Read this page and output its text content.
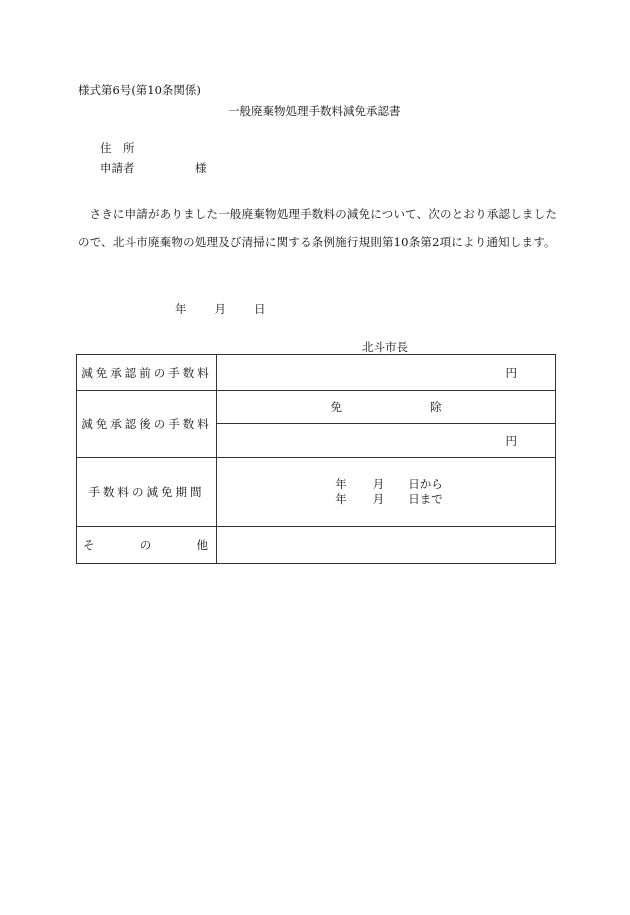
様式第6号(第10条関係)
一般廃棄物処理手数料減免承認書
住　所
申請者	様
さきに申請がありました一般廃棄物処理手数料の減免について、次のとおり承認しましたので、北斗市廃棄物の処理及び清掃に関する条例施行規則第10条第2項により通知します。
年 月 日
北斗市長
減免承認前の手数料	円
減免承認後の手数料	免 除

	円
手数料の減免期間	年 月 日から
年 月 日まで

そ の 他	
